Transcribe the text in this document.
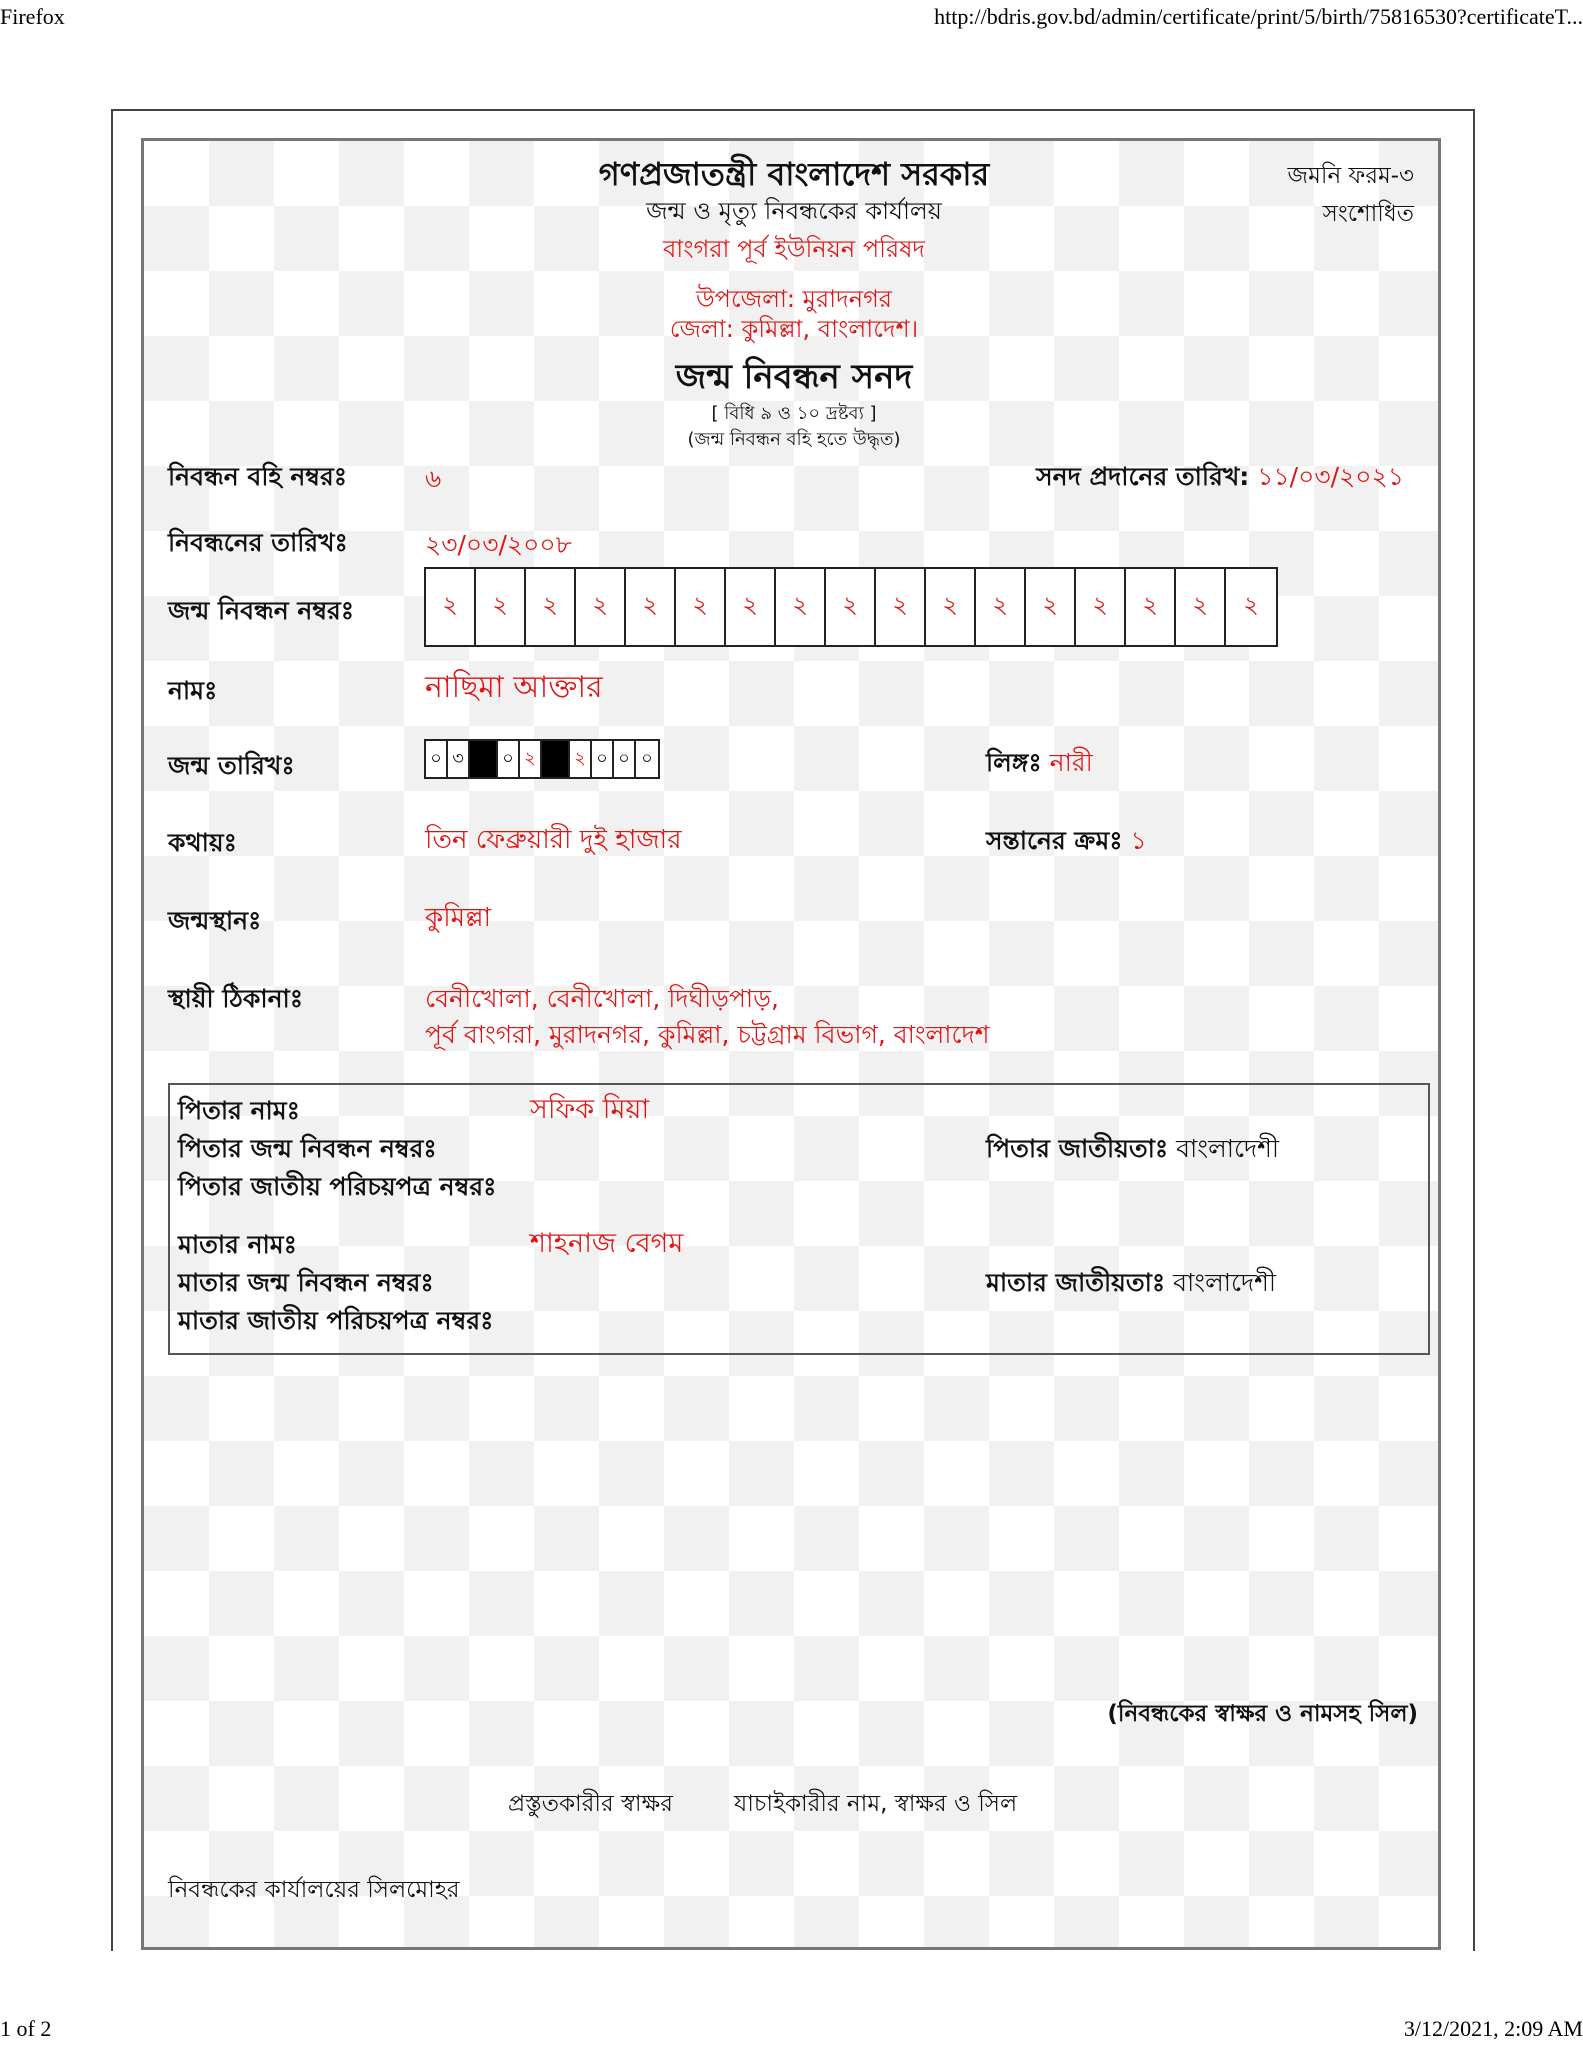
Firefox	http://bdris.gov.bd/admin/certificate/print/5/birth/75816530?certificateT...
1 of 2	3/12/2021, 2:09 AM
গণপ্রজাতন্ত্রী বাংলাদেশ সরকার
জন্ম ও মৃত্যু নিবন্ধকের কার্যালয়
বাংগরা পূর্ব ইউনিয়ন পরিষদ
উপজেলা: মুরাদনগর
জেলা: কুমিল্লা, বাংলাদেশ।
জন্ম নিবন্ধন সনদ
[ বিধি ৯ ও ১০ দ্রষ্টব্য ]
(জন্ম নিবন্ধন বহি হতে উদ্ধৃত)
জমনি ফরম-৩
সংশোধিত
নিবন্ধন বহি নম্বরঃ	৬	সনদ প্রদানের তারিখ: ১১/০৩/২০২১
নিবন্ধনের তারিখঃ	২৩/০৩/২০০৮
জন্ম নিবন্ধন নম্বরঃ	২	২	২	২	২	২	২	২	২	২	২	২	২	২	২	২	২
নামঃ	নাছিমা আক্তার
জন্ম তারিখঃ	০ ৩	০ ২	২ ০ ০ ০	লিঙ্গঃ নারী
কথায়ঃ	তিন ফেব্রুয়ারী দুই হাজার	সন্তানের ক্রমঃ ১
জন্মস্থানঃ	কুমিল্লা
স্থায়ী ঠিকানাঃ	বেনীখোলা, বেনীখোলা, দিঘীড়পাড়,
পূর্ব বাংগরা, মুরাদনগর, কুমিল্লা, চট্টগ্রাম বিভাগ, বাংলাদেশ
পিতার নামঃ	সফিক মিয়া
পিতার জন্ম নিবন্ধন নম্বরঃ	পিতার জাতীয়তাঃ বাংলাদেশী
পিতার জাতীয় পরিচয়পত্র নম্বরঃ
মাতার নামঃ	শাহনাজ বেগম
মাতার জন্ম নিবন্ধন নম্বরঃ	মাতার জাতীয়তাঃ বাংলাদেশী
মাতার জাতীয় পরিচয়পত্র নম্বরঃ
(নিবন্ধকের স্বাক্ষর ও নামসহ সিল)
প্রস্তুতকারীর স্বাক্ষর	যাচাইকারীর নাম, স্বাক্ষর ও সিল
নিবন্ধকের কার্যালয়ের সিলমোহর
